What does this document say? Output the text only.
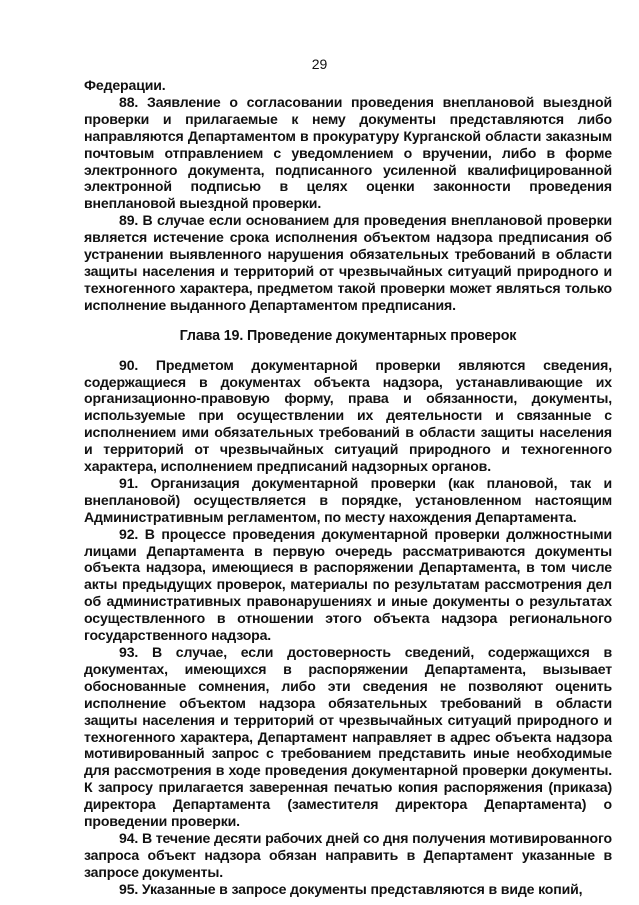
29

Федерации.

88. Заявление о согласовании проведения внеплановой выездной проверки и прилагаемые к нему документы представляются либо направляются Департаментом в прокуратуру Курганской области заказным почтовым отправлением с уведомлением о вручении, либо в форме электронного документа, подписанного усиленной квалифицированной электронной подписью в целях оценки законности проведения внеплановой выездной проверки.

89. В случае если основанием для проведения внеплановой проверки является истечение срока исполнения объектом надзора предписания об устранении выявленного нарушения обязательных требований в области защиты населения и территорий от чрезвычайных ситуаций природного и техногенного характера, предметом такой проверки может являться только исполнение выданного Департаментом предписания.

Глава 19. Проведение документарных проверок

90. Предметом документарной проверки являются сведения, содержащиеся в документах объекта надзора, устанавливающие их организационно-правовую форму, права и обязанности, документы, используемые при осуществлении их деятельности и связанные с исполнением ими обязательных требований в области защиты населения и территорий от чрезвычайных ситуаций природного и техногенного характера, исполнением предписаний надзорных органов.

91. Организация документарной проверки (как плановой, так и внеплановой) осуществляется в порядке, установленном настоящим Административным регламентом, по месту нахождения Департамента.

92. В процессе проведения документарной проверки должностными лицами Департамента в первую очередь рассматриваются документы объекта надзора, имеющиеся в распоряжении Департамента, в том числе акты предыдущих проверок, материалы по результатам рассмотрения дел об административных правонарушениях и иные документы о результатах осуществленного в отношении этого объекта надзора регионального государственного надзора.

93. В случае, если достоверность сведений, содержащихся в документах, имеющихся в распоряжении Департамента, вызывает обоснованные сомнения, либо эти сведения не позволяют оценить исполнение объектом надзора обязательных требований в области защиты населения и территорий от чрезвычайных ситуаций природного и техногенного характера, Департамент направляет в адрес объекта надзора мотивированный запрос с требованием представить иные необходимые для рассмотрения в ходе проведения документарной проверки документы. К запросу прилагается заверенная печатью копия распоряжения (приказа) директора Департамента (заместителя директора Департамента) о проведении проверки.

94. В течение десяти рабочих дней со дня получения мотивированного запроса объект надзора обязан направить в Департамент указанные в запросе документы.

95. Указанные в запросе документы представляются в виде копий,
